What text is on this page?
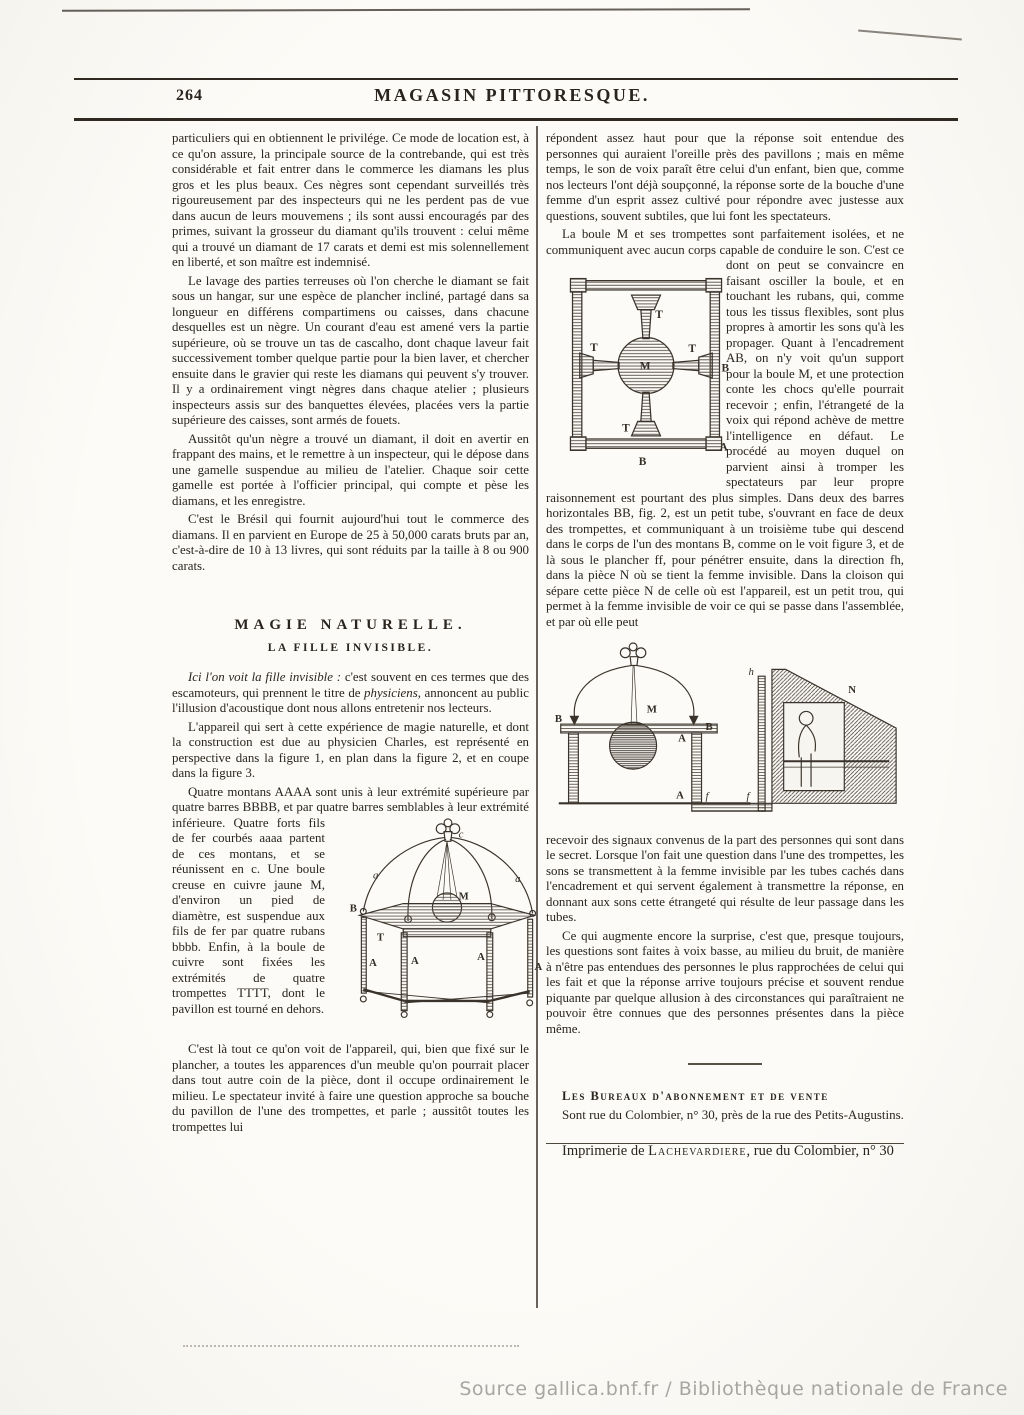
264	MAGASIN PITTORESQUE.

particuliers qui en obtiennent le privilége. Ce mode de location est, à ce qu'on assure, la principale source de la contrebande, qui est très considérable et fait entrer dans le commerce les diamans les plus gros et les plus beaux. Ces nègres sont cependant surveillés très rigoureusement par des inspecteurs qui ne les perdent pas de vue dans aucun de leurs mouvemens ; ils sont aussi encouragés par des primes, suivant la grosseur du diamant qu'ils trouvent : celui même qui a trouvé un diamant de 17 carats et demi est mis solennellement en liberté, et son maître est indemnisé.

Le lavage des parties terreuses où l'on cherche le diamant se fait sous un hangar, sur une espèce de plancher incliné, partagé dans sa longueur en différens compartimens ou caisses, dans chacune desquelles est un nègre. Un courant d'eau est amené vers la partie supérieure, où se trouve un tas de cascalho, dont chaque laveur fait successivement tomber quelque partie pour la bien laver, et chercher ensuite dans le gravier qui reste les diamans qui peuvent s'y trouver. Il y a ordinairement vingt nègres dans chaque atelier ; plusieurs inspecteurs assis sur des banquettes élevées, placées vers la partie supérieure des caisses, sont armés de fouets.

Aussitôt qu'un nègre a trouvé un diamant, il doit en avertir en frappant des mains, et le remettre à un inspecteur, qui le dépose dans une gamelle suspendue au milieu de l'atelier. Chaque soir cette gamelle est portée à l'officier principal, qui compte et pèse les diamans, et les enregistre.

C'est le Brésil qui fournit aujourd'hui tout le commerce des diamans. Il en parvient en Europe de 25 à 50,000 carats bruts par an, c'est-à-dire de 10 à 13 livres, qui sont réduits par la taille à 8 ou 900 carats.

MAGIE NATURELLE.
LA FILLE INVISIBLE.

Ici l'on voit la fille invisible : c'est souvent en ces termes que des escamoteurs, qui prennent le titre de physiciens, annoncent au public l'illusion d'acoustique dont nous allons entretenir nos lecteurs.

L'appareil qui sert à cette expérience de magie naturelle, et dont la construction est due au physicien Charles, est représenté en perspective dans la figure 1, en plan dans la figure 2, et en coupe dans la figure 3.

Quatre montans AAAA sont unis à leur extrémité supérieure par quatre barres BBBB, et par quatre barres
B
T
M
c
A	A	A
A
a	a
semblables à leur extrémité inférieure. Quatre forts fils de fer courbés aaaa partent de ces montans, et se réunissent en c. Une boule creuse en cuivre jaune M, d'environ un pied de diamètre, est suspendue aux fils de fer par quatre rubans bbbb. Enfin, à la boule de cuivre sont fixées les extrémités de quatre trompettes TTTT, dont le pavillon est tourné en dehors.

C'est là tout ce qu'on voit de l'appareil, qui, bien que fixé sur le plancher, a toutes les apparences d'un meuble qu'on pourrait placer dans tout autre coin de la pièce, dont il occupe ordinairement le milieu. Le spectateur invité à faire une question approche sa bouche du pavillon de l'une des trompettes, et parle ; aussitôt toutes les trompettes lui

répondent assez haut pour que la réponse soit entendue des personnes qui auraient l'oreille près des pavillons ; mais en même temps, le son de voix paraît être celui d'un enfant, bien que, comme nos lecteurs l'ont déjà soupçonné, la réponse sorte de la bouche d'une femme d'un esprit assez cultivé pour répondre avec justesse aux questions, souvent subtiles, que lui font les spectateurs.

La boule M et ses trompettes sont parfaitement isolées, et ne communiquent avec aucun corps capable de conduire
T
T	T
T
M	B
B
A
le son. C'est ce dont on peut se convaincre en faisant osciller la boule, et en touchant les rubans, qui, comme tous les tissus flexibles, sont plus propres à amortir les sons qu'à les propager. Quant à l'encadrement AB, on n'y voit qu'un support pour la boule M, et une protection conte les chocs qu'elle pourrait recevoir ; enfin, l'étrangeté de la voix qui répond achève de mettre l'intelligence en défaut. Le procédé au moyen duquel on parvient ainsi à tromper les spectateurs par leur propre raisonnement est pourtant des plus simples. Dans deux des barres horizontales BB, fig. 2, est un petit tube, s'ouvrant en face de deux des trompettes, et communiquant à un troisième tube qui descend dans le corps de l'un des montans B, comme on le voit figure 3, et de là sous le plancher ff, pour pénétrer ensuite, dans la direction fh, dans la pièce N où se tient la femme invisible. Dans la cloison qui sépare cette pièce N de celle où est l'appareil, est un petit trou, qui permet à la femme invisible de voir ce qui se passe dans l'assemblée, et par où elle peut

B
M
B
A
A f	f
h
N

recevoir des signaux convenus de la part des personnes qui sont dans le secret. Lorsque l'on fait une question dans l'une des trompettes, les sons se transmettent à la femme invisible par les tubes cachés dans l'encadrement et qui servent également à transmettre la réponse, en donnant aux sons cette étrangeté qui résulte de leur passage dans les tubes.

Ce qui augmente encore la surprise, c'est que, presque toujours, les questions sont faites à voix basse, au milieu du bruit, de manière à n'être pas entendues des personnes le plus rapprochées de celui qui les fait et que la réponse arrive toujours précise et souvent rendue piquante par quelque allusion à des circonstances qui paraîtraient ne pouvoir être connues que des personnes présentes dans la pièce même.

Les Bureaux d'abonnement et de vente

Sont rue du Colombier, n° 30, près de la rue des Petits-Augustins.

Imprimerie de Lachevardiere, rue du Colombier, n° 30

Source gallica.bnf.fr / Bibliothèque nationale de France
